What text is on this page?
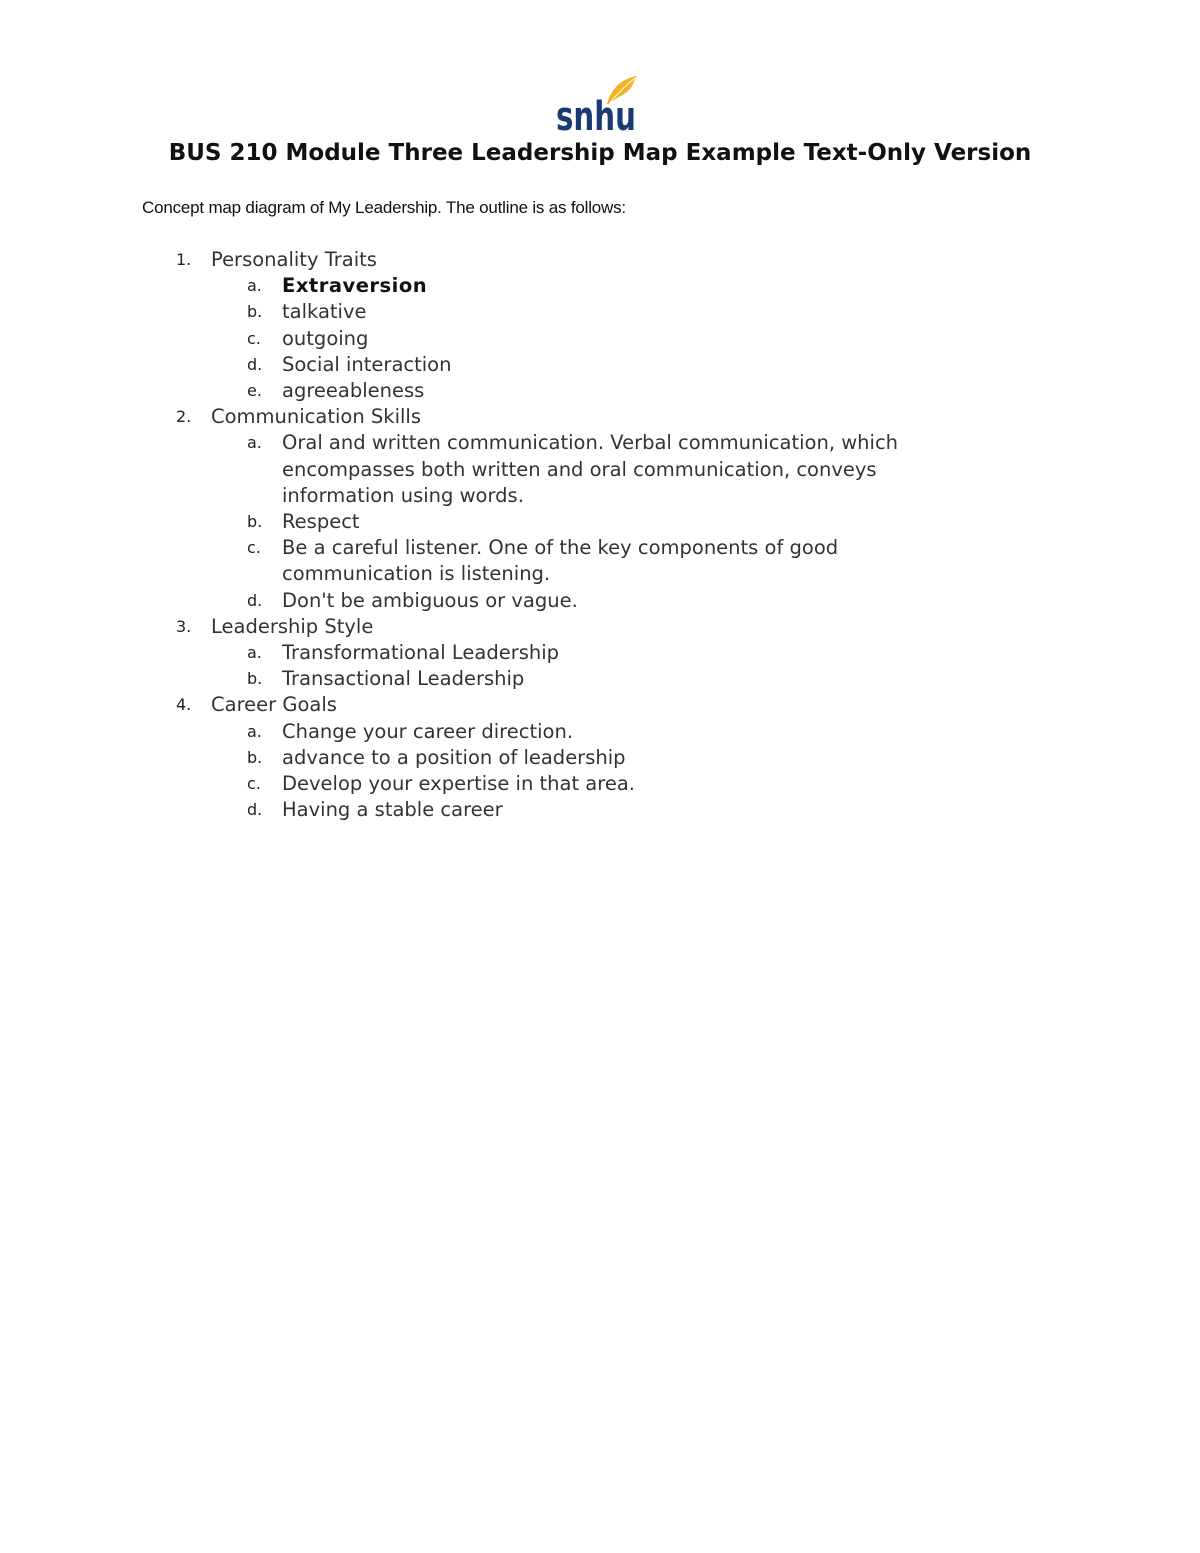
snhu
BUS 210 Module Three Leadership Map Example Text-Only Version
Concept map diagram of My Leadership. The outline is as follows:
1. Personality Traits
a. Extraversion
b. talkative
c. outgoing
d. Social interaction
e. agreeableness
2. Communication Skills
a. Oral and written communication. Verbal communication, which encompasses both written and oral communication, conveys information using words.
b. Respect
c. Be a careful listener. One of the key components of good communication is listening.
d. Don't be ambiguous or vague.
3. Leadership Style
a. Transformational Leadership
b. Transactional Leadership
4. Career Goals
a. Change your career direction.
b. advance to a position of leadership
c. Develop your expertise in that area.
d. Having a stable career
